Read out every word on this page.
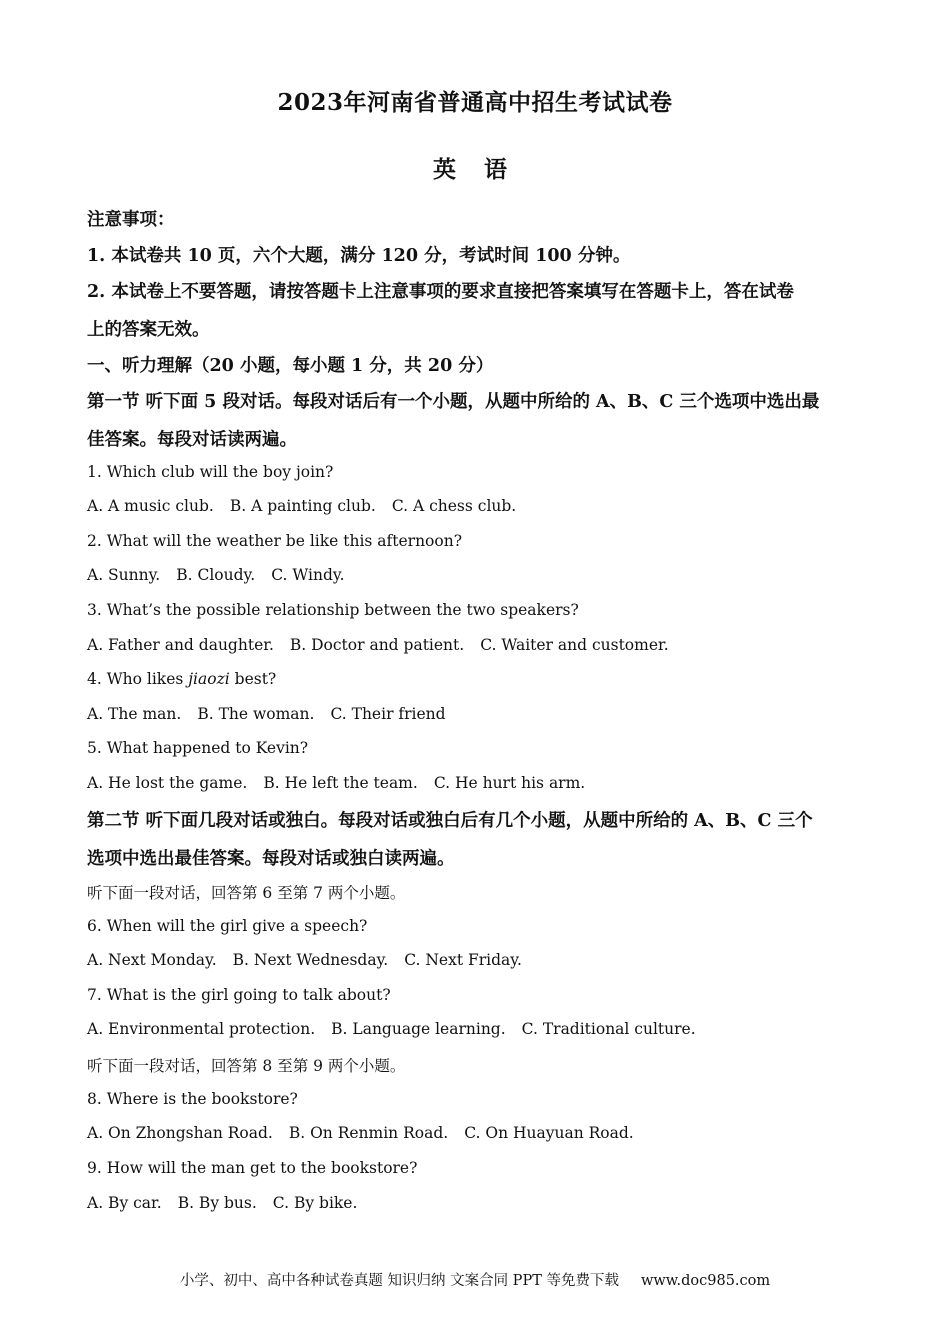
2023年河南省普通高中招生考试试卷
英 语
注意事项：
1. 本试卷共 10 页，六个大题，满分 120 分，考试时间 100 分钟。
2. 本试卷上不要答题，请按答题卡上注意事项的要求直接把答案填写在答题卡上，答在试卷
上的答案无效。
一、听力理解（20 小题，每小题 1 分，共 20 分）
第一节 听下面 5 段对话。每段对话后有一个小题，从题中所给的 A、B、C 三个选项中选出最
佳答案。每段对话读两遍。
1. Which club will the boy join?
A. A music club. B. A painting club. C. A chess club.
2. What will the weather be like this afternoon?
A. Sunny. B. Cloudy. C. Windy.
3. What’s the possible relationship between the two speakers?
A. Father and daughter. B. Doctor and patient. C. Waiter and customer.
4. Who likes jiaozi best?
A. The man. B. The woman. C. Their friend
5. What happened to Kevin?
A. He lost the game. B. He left the team. C. He hurt his arm.
第二节 听下面几段对话或独白。每段对话或独白后有几个小题，从题中所给的 A、B、C 三个
选项中选出最佳答案。每段对话或独白读两遍。
听下面一段对话，回答第 6 至第 7 两个小题。
6. When will the girl give a speech?
A. Next Monday. B. Next Wednesday. C. Next Friday.
7. What is the girl going to talk about?
A. Environmental protection. B. Language learning. C. Traditional culture.
听下面一段对话，回答第 8 至第 9 两个小题。
8. Where is the bookstore?
A. On Zhongshan Road. B. On Renmin Road. C. On Huayuan Road.
9. How will the man get to the bookstore?
A. By car. B. By bus. C. By bike.
小学、初中、高中各种试卷真题 知识归纳 文案合同 PPT 等免费下载 www.doc985.com
